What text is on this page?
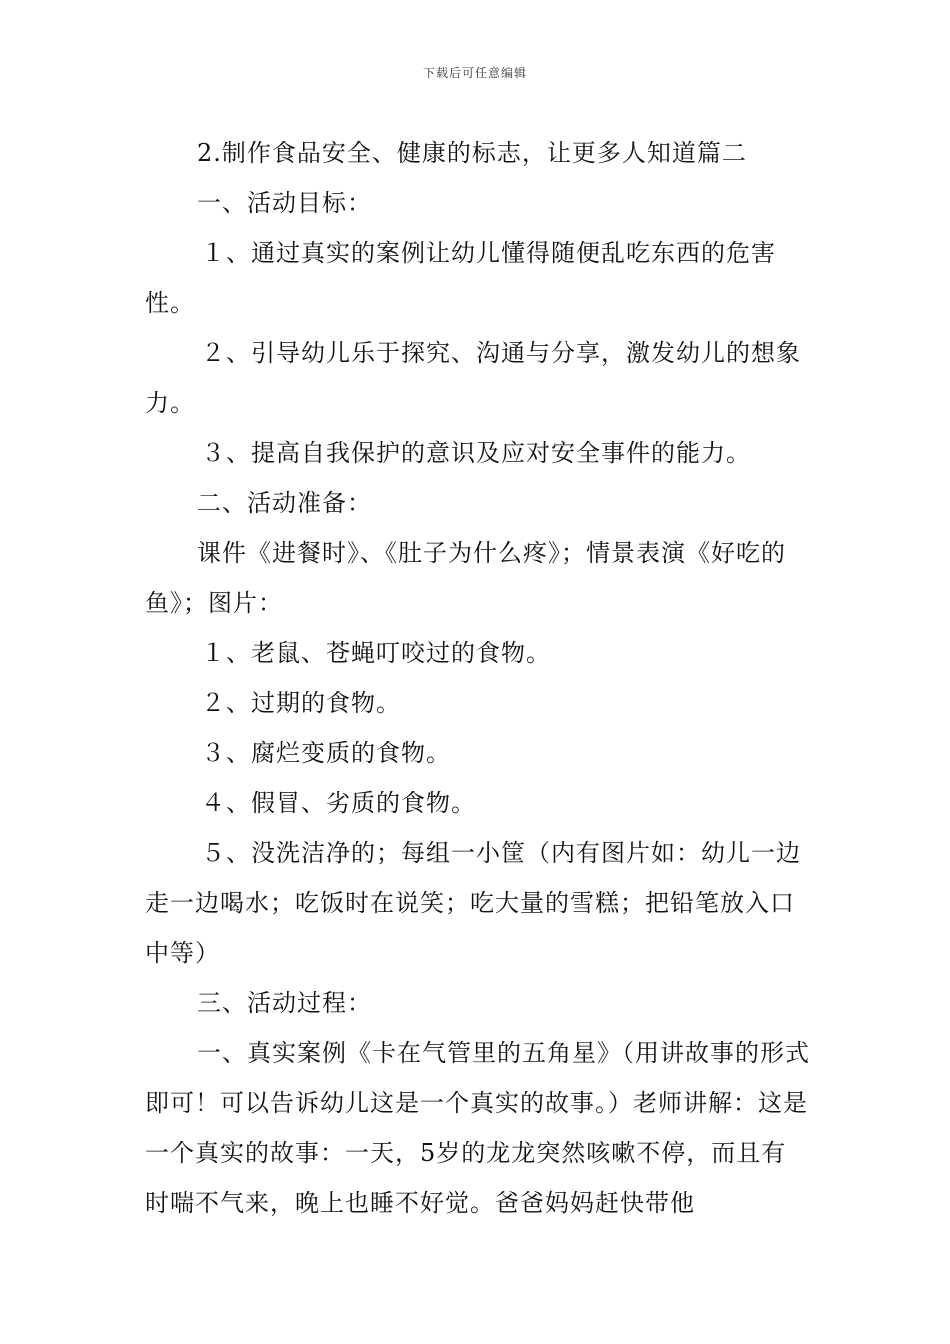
下载后可任意编辑

2.制作食品安全、健康的标志，让更多人知道篇二

一、活动目标：

１、通过真实的案例让幼儿懂得随便乱吃东西的危害性。

２、引导幼儿乐于探究、沟通与分享，激发幼儿的想象力。

３、提高自我保护的意识及应对安全事件的能力。

二、活动准备：

课件《进餐时》、《肚子为什么疼》；情景表演《好吃的鱼》；图片：

１、老鼠、苍蝇叮咬过的食物。

２、过期的食物。

３、腐烂变质的食物。

４、假冒、劣质的食物。

５、没洗洁净的；每组一小筐（内有图片如：幼儿一边走一边喝水；吃饭时在说笑；吃大量的雪糕；把铅笔放入口中等）

三、活动过程：

一、真实案例《卡在气管里的五角星》（用讲故事的形式即可！可以告诉幼儿这是一个真实的故事。）老师讲解：这是一个真实的故事：一天，5岁的龙龙突然咳嗽不停，而且有时喘不气来，晚上也睡不好觉。爸爸妈妈赶快带他
